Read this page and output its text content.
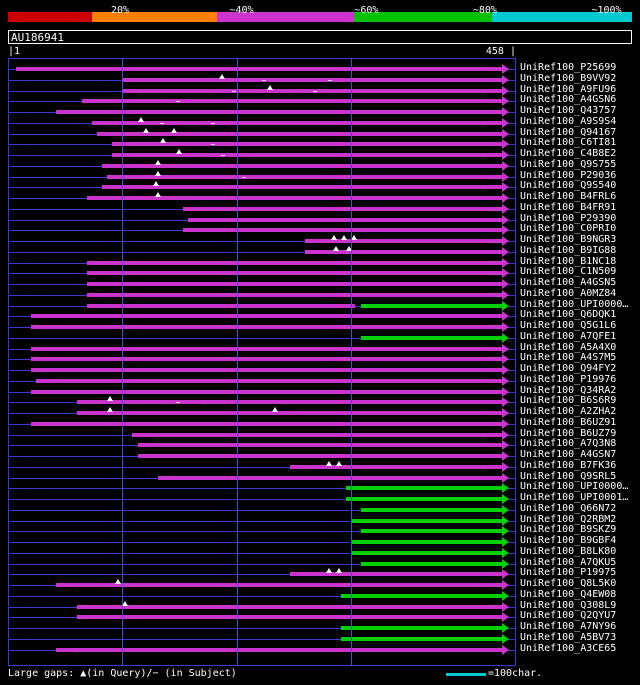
20%	~40%	~60%	~80%	~100%
AU186941
|1	458 |
UniRef100_P25699
UniRef100_B9VV92
UniRef100_A9FU96
UniRef100_A4GSN6
UniRef100_Q43757
UniRef100_A9S9S4
UniRef100_Q94167
UniRef100_C6TI81
UniRef100_C4B8E2
UniRef100_Q9S755
UniRef100_P29036
UniRef100_Q9S540
UniRef100_B4FRL6
UniRef100_B4FR91
UniRef100_P29390
UniRef100_C0PRI0
UniRef100_B9NGR3
UniRef100_B9IG88
UniRef100_B1NC18
UniRef100_C1N509
UniRef100_A4GSN5
UniRef100_A0MZ84
UniRef100_UPI0000…
UniRef100_Q6DQK1
UniRef100_Q5G1L6
UniRef100_A7QFE1
UniRef100_A5A4X0
UniRef100_A4S7M5
UniRef100_Q94FY2
UniRef100_P19976
UniRef100_Q34RA2
UniRef100_B6S6R9
UniRef100_A2ZHA2
UniRef100_B6UZ91
UniRef100_B6UZ79
UniRef100_A7Q3N8
UniRef100_A4GSN7
UniRef100_B7FK36
UniRef100_Q9SRL5
UniRef100_UPI0000…
UniRef100_UPI0001…
UniRef100_Q66N72
UniRef100_Q2RBM2
UniRef100_B9SKZ9
UniRef100_B9GBF4
UniRef100_B8LK80
UniRef100_A7QKU5
UniRef100_P19975
UniRef100_Q8L5K0
UniRef100_Q4EW08
UniRef100_Q308L9
UniRef100_Q2QYU7
UniRef100_A7NY96
UniRef100_A5BV73
UniRef100_A3CE65
Large gaps: ▲(in Query)/− (in Subject)	=100char.
